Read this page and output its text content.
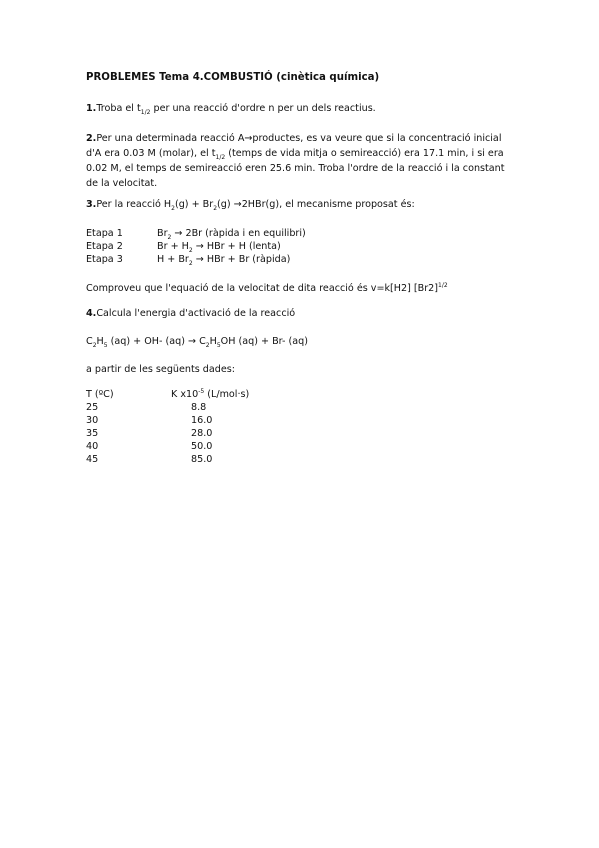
PROBLEMES Tema 4.COMBUSTIÓ (cinètica química)

1.Troba el $t_{1/2}$ per una reacció d'ordre n per un dels reactius.

2.Per una determinada reacció A→productes, es va veure que si la concentració inicial d'A era 0.03 M (molar), el $t_{1/2}$ (temps de vida mitja o semireacció) era 17.1 min, i si era 0.02 M, el temps de semireacció eren 25.6 min. Troba l'ordre de la reacció i la constant de la velocitat.

3.Per la reacció $H_2(g) + Br_2(g) \to 2HBr(g)$, el mecanisme proposat és:

Etapa 1	$Br_2 \to 2Br$ (ràpida i en equilibri)
Etapa 2	$Br + H_2$ → HBr + H (lenta)
Etapa 3	$H + Br_2$ → HBr + Br (ràpida)

Comproveu que l'equació de la velocitat de dita reacció és v=k[H2] $[Br2]^{1/2}$

4.Calcula l'energia d'activació de la reacció

$C_2H_5$ (aq) + OH- $(aq) \to C_2H_5OH$ (aq) + Br- (aq)

a partir de les següents dades:
T (ºC)	K $x10^{-5}$ (L/mol·s)
25	8.8
30	16.0
35	28.0
40	50.0
45	85.0
